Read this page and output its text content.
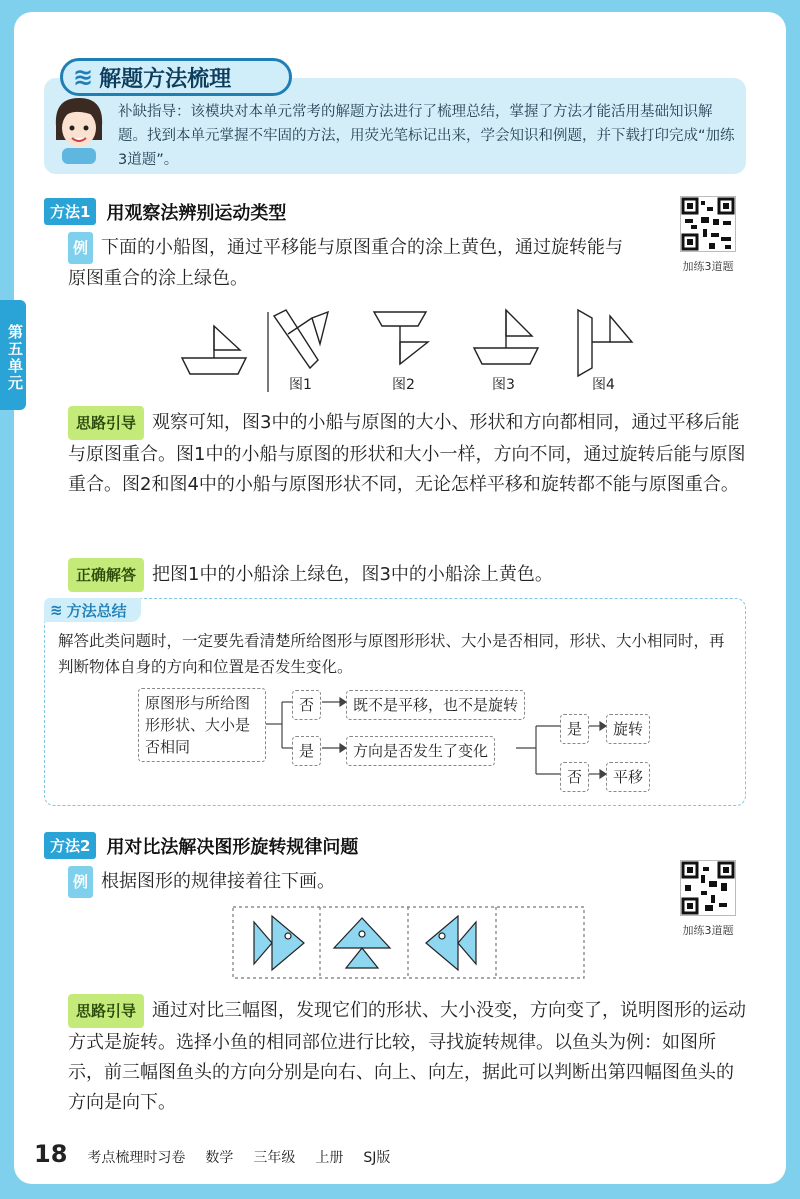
第五单元
≋ 解题方法梳理
补缺指导：该模块对本单元常考的解题方法进行了梳理总结，掌握了方法才能活用基础知识解题。找到本单元掌握不牢固的方法，用荧光笔标记出来，学会知识和例题，并下载打印完成“加练3道题”。
方法1 用观察法辨别运动类型
加练3道题
例 下面的小船图，通过平移能与原图重合的涂上黄色，通过旋转能与原图重合的涂上绿色。
图1	图2	图3	图4
思路引导 观察可知，图3中的小船与原图的大小、形状和方向都相同，通过平移后能与原图重合。图1中的小船与原图的形状和大小一样，方向不同，通过旋转后能与原图重合。图2和图4中的小船与原图形状不同，无论怎样平移和旋转都不能与原图重合。
正确解答 把图1中的小船涂上绿色，图3中的小船涂上黄色。
≋ 方法总结
解答此类问题时，一定要先看清楚所给图形与原图形形状、大小是否相同，形状、大小相同时，再判断物体自身的方向和位置是否发生变化。
原图形与所给图形形状、大小是否相同
否	既不是平移，也不是旋转
是	方向是否发生了变化
是	旋转
否	平移
方法2 用对比法解决图形旋转规律问题
加练3道题
例 根据图形的规律接着往下画。
思路引导 通过对比三幅图，发现它们的形状、大小没变，方向变了，说明图形的运动方式是旋转。选择小鱼的相同部位进行比较，寻找旋转规律。以鱼头为例：如图所示，前三幅图鱼头的方向分别是向右、向上、向左，据此可以判断出第四幅图鱼头的方向是向下。
18 考点梳理时习卷 数学 三年级 上册 SJ版
